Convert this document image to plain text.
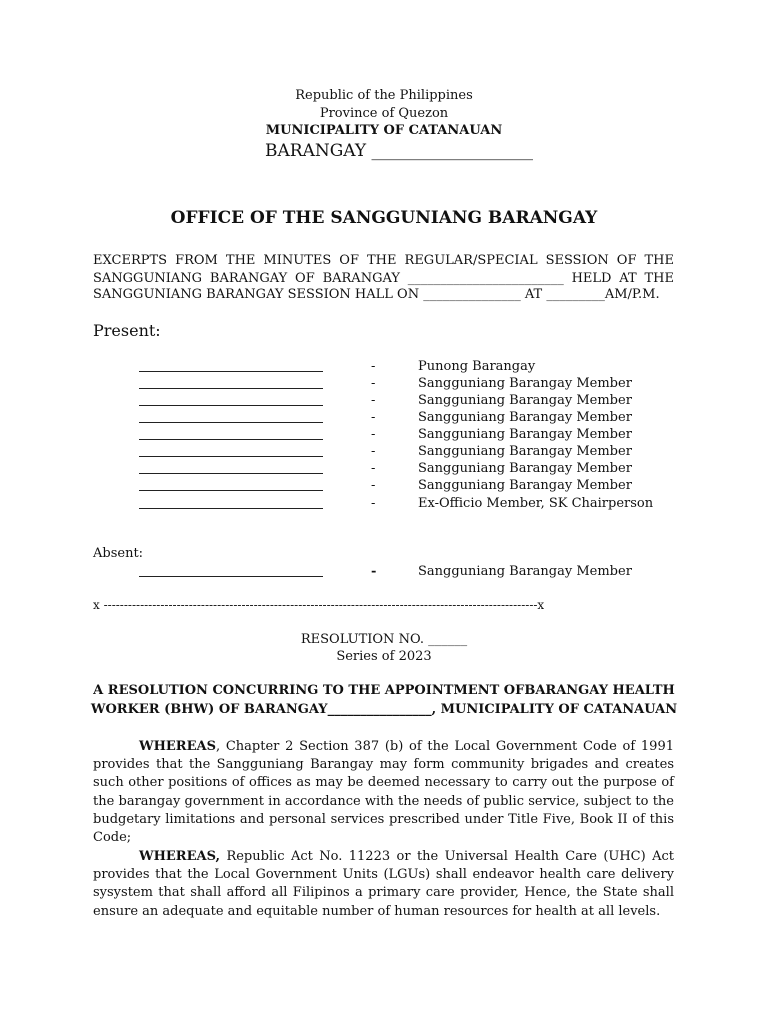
Republic of the Philippines
Province of Quezon
MUNICIPALITY OF CATANAUAN
BARANGAY ___________________
OFFICE OF THE SANGGUNIANG BARANGAY
EXCERPTS FROM THE MINUTES OF THE REGULAR/SPECIAL SESSION OF THE
SANGGUNIANG BARANGAY OF BARANGAY ________________________ HELD AT THE
SANGGUNIANG BARANGAY SESSION HALL ON _______________ AT _________AM/P.M.
Present:
-	Punong Barangay
-	Sangguniang Barangay Member
-	Sangguniang Barangay Member
-	Sangguniang Barangay Member
-	Sangguniang Barangay Member
-	Sangguniang Barangay Member
-	Sangguniang Barangay Member
-	Sangguniang Barangay Member
-	Ex-Officio Member, SK Chairperson
Absent:
-	Sangguniang Barangay Member
x -----------------------------------------------------------------------------------------------------------x
RESOLUTION NO. ______
Series of 2023
A RESOLUTION CONCURRING TO THE APPOINTMENT OFBARANGAY HEALTH
WORKER (BHW) OF BARANGAY________________, MUNICIPALITY OF CATANAUAN
WHEREAS, Chapter 2 Section 387 (b) of the Local Government Code of 1991 provides that the Sangguniang Barangay may form community brigades and creates such other positions of offices as may be deemed necessary to carry out the purpose of the barangay government in accordance with the needs of public service, subject to the budgetary limitations and personal services prescribed under Title Five, Book II of this Code;
WHEREAS, Republic Act No. 11223 or the Universal Health Care (UHC) Act provides that the Local Government Units (LGUs) shall endeavor health care delivery sysystem that shall afford all Filipinos a primary care provider, Hence, the State shall ensure an adequate and equitable number of human resources for health at all levels.
